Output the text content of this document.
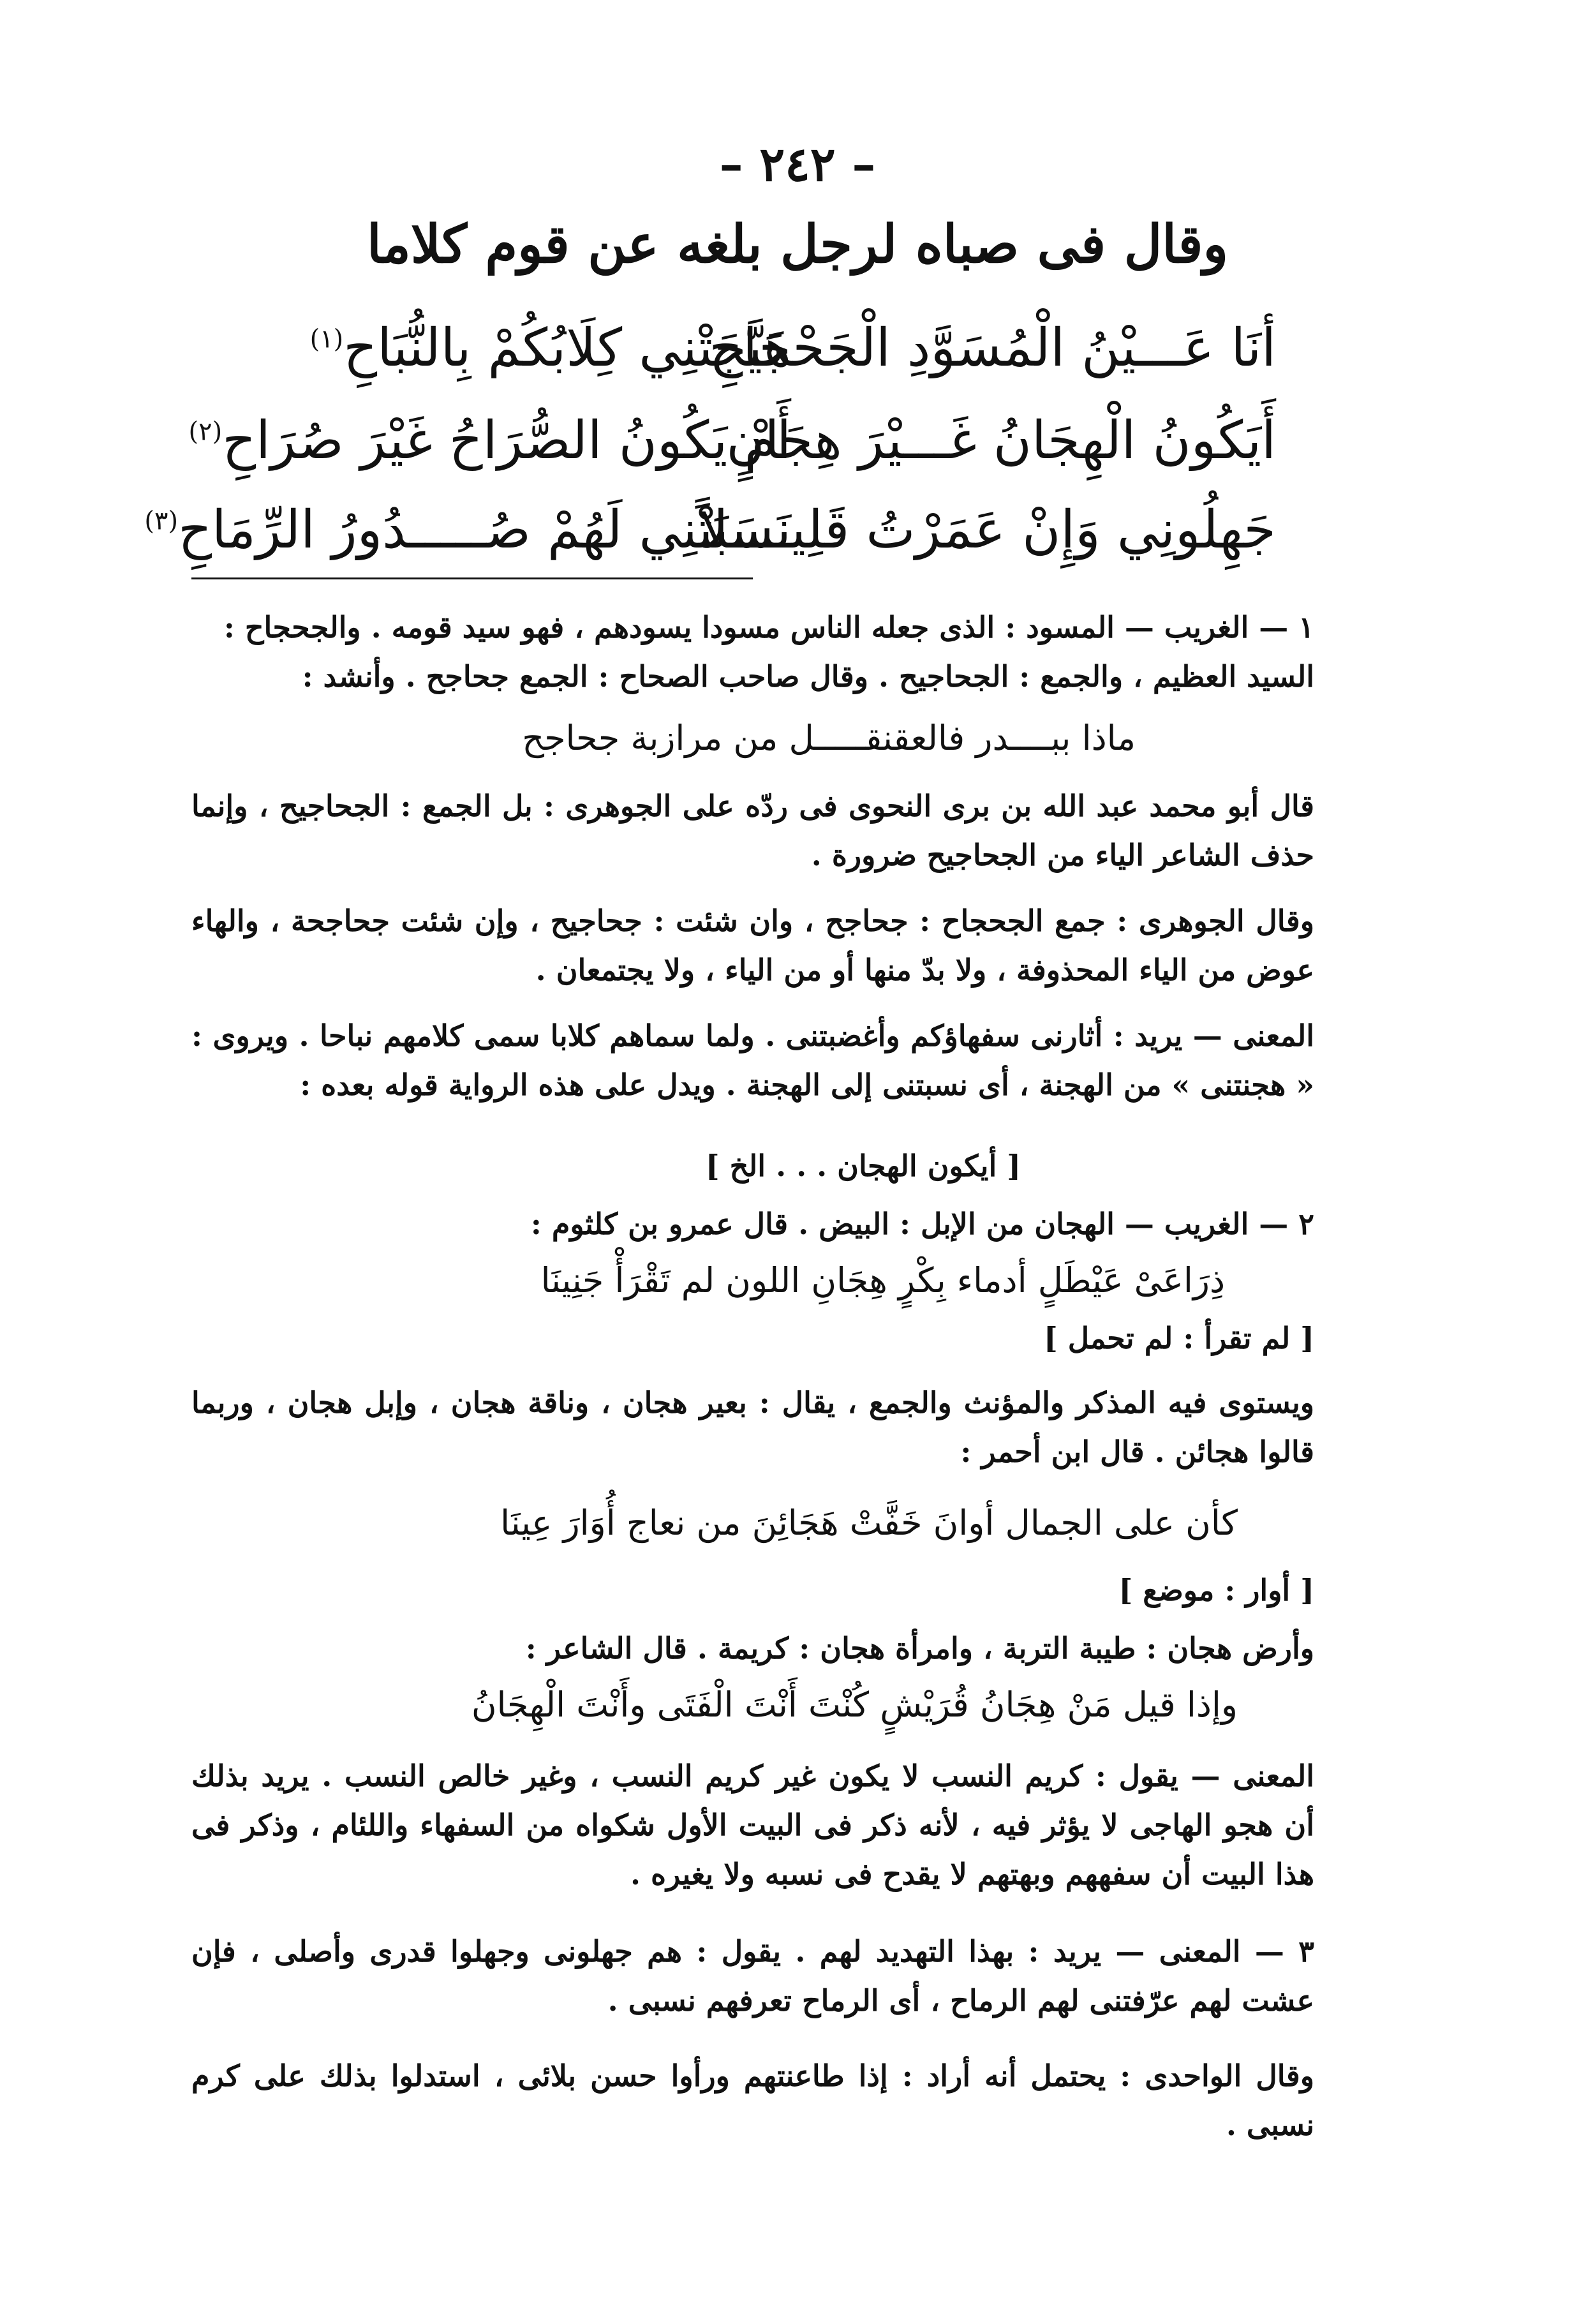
– ٢٤٢ –
وقال فى صباه لرجل بلغه عن قوم كلاما
أنَا عَـــيْنُ الْمُسَوَّدِ الْجَحْجَاحِ
هَيَّجَتْنِي كِلَابُكُمْ بِالنُّبَاحِ$^{(١)}$
أَيَكُونُ الْهِجَانُ غَـــيْرَ هِجَانٍ
أَمْ يَكُونُ الصُّرَاحُ غَيْرَ صُرَاحِ$^{(٢)}$
جَهِلُونِي وَإِنْ عَمَرْتُ قَلِيــــلاً
نَسَبَتْنِي لَهُمْ صُـــــدُورُ الرِّمَاحِ$^{(٣)}$
١ — الغريب — المسود : الذى جعله الناس مسودا يسودهم ، فهو سيد قومه . والجحجاح :
السيد العظيم ، والجمع : الجحاجيح . وقال صاحب الصحاح : الجمع جحاجح . وأنشد :
ماذا ببــــدر فالعقنقـــــل من مرازبة جحاجح
قال أبو محمد عبد الله بن برى النحوى فى ردّه على الجوهرى : بل الجمع : الجحاجيح ، وإنما حذف الشاعر الياء من الجحاجيح ضرورة .
وقال الجوهرى : جمع الجحجاح : جحاجح ، وان شئت : جحاجيح ، وإن شئت جحاجحة ، والهاء عوض من الياء المحذوفة ، ولا بدّ منها أو من الياء ، ولا يجتمعان .
المعنى — يريد : أثارنى سفهاؤكم وأغضبتنى . ولما سماهم كلابا سمى كلامهم نباحا . ويروى : « هجنتنى » من الهجنة ، أى نسبتنى إلى الهجنة . ويدل على هذه الرواية قوله بعده :
[ أيكون الهجان . . . الخ ]
٢ — الغريب — الهجان من الإبل : البيض . قال عمرو بن كلثوم :
ذِرَاعَىْ عَيْطَلٍ أدماء بِكْرٍ هِجَانِ اللون لم تَقْرَأْ جَنِينَا
[ لم تقرأ : لم تحمل ]
ويستوى فيه المذكر والمؤنث والجمع ، يقال : بعير هجان ، وناقة هجان ، وإبل هجان ، وربما قالوا هجائن . قال ابن أحمر :
كأن على الجمال أوانَ خَفَّتْ هَجَائِنَ من نعاج أُوَارَ عِينَا
[ أوار : موضع ]
وأرض هجان : طيبة التربة ، وامرأة هجان : كريمة . قال الشاعر :
وإذا قيل مَنْ هِجَانُ قُرَيْشٍ كُنْتَ أَنْتَ الْفَتَى وأَنْتَ الْهِجَانُ
المعنى — يقول : كريم النسب لا يكون غير كريم النسب ، وغير خالص النسب . يريد بذلك أن هجو الهاجى لا يؤثر فيه ، لأنه ذكر فى البيت الأول شكواه من السفهاء واللئام ، وذكر فى هذا البيت أن سفههم وبهتهم لا يقدح فى نسبه ولا يغيره .
٣ — المعنى — يريد : بهذا التهديد لهم . يقول : هم جهلونى وجهلوا قدرى وأصلى ، فإن عشت لهم عرّفتنى لهم الرماح ، أى الرماح تعرفهم نسبى .
وقال الواحدى : يحتمل أنه أراد : إذا طاعنتهم ورأوا حسن بلائى ، استدلوا بذلك على كرم نسبى .
